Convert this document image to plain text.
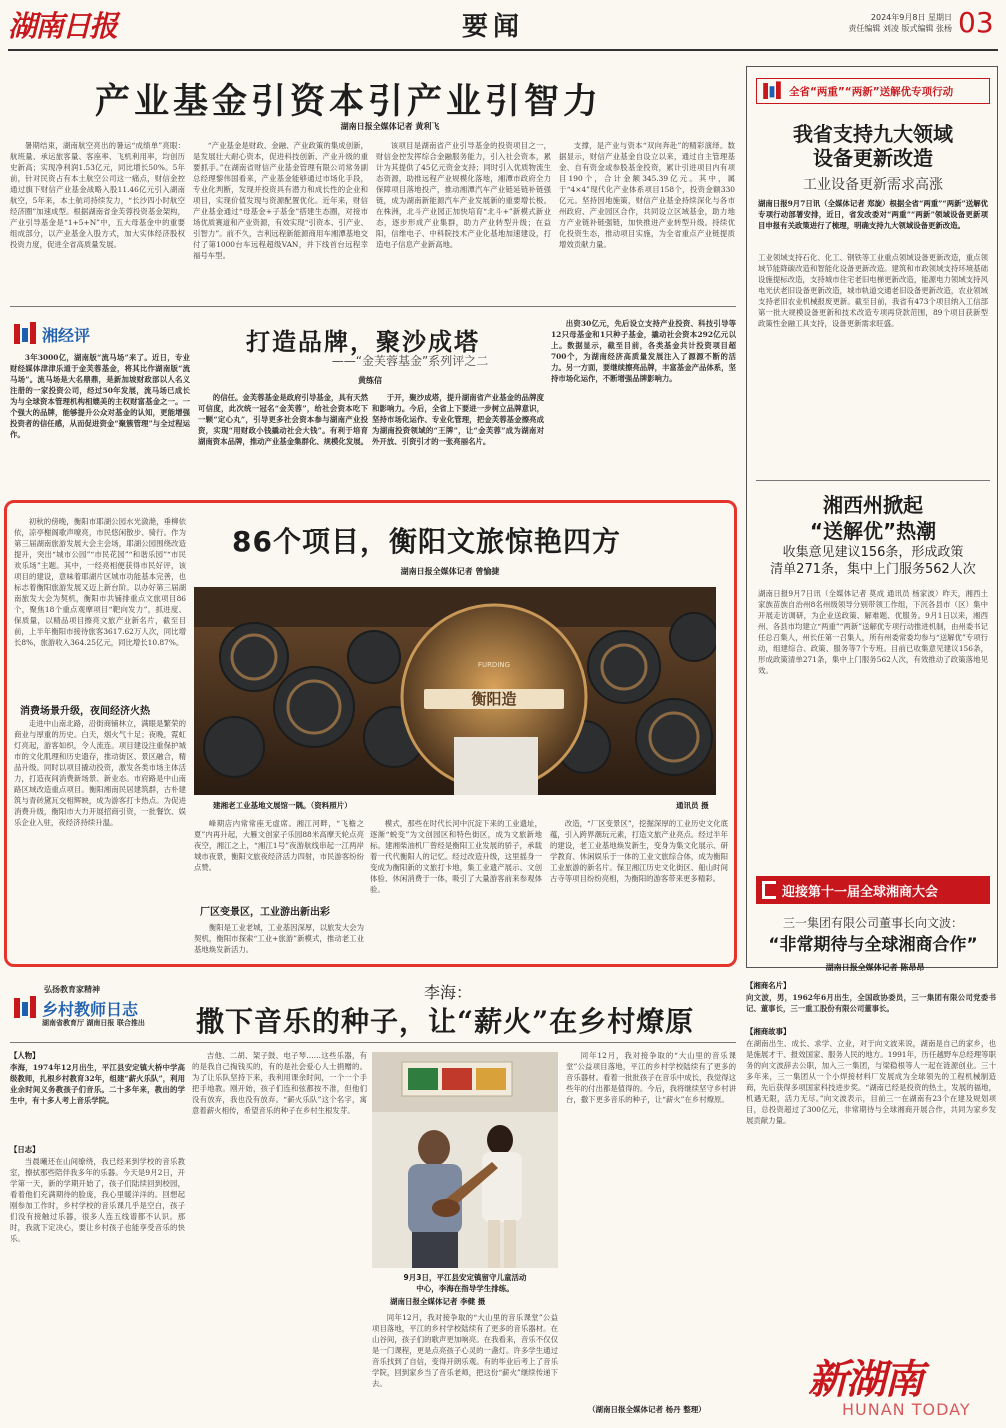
湖南日报	要闻	2024年9月8日 星期日
责任编辑 刘凌 版式编辑 张杨 03
产业基金引资本引产业引智力
湖南日报全媒体记者 黄利飞
暑期结束，湖南航空亮出的暑运“成绩单”亮眼：航班量、承运旅客量、客座率、飞机利用率，均创历史新高；实现净利润1.53亿元，同比增长50%。5年前，针对民资占有本土航空公司这一痛点，财信金控通过旗下财信产业基金战略入股11.46亿元引入湖南航空，5年来，本土航司持续发力，“长沙四小时航空经济圈”加速成型。根据湖南省金芙蓉投资基金架构，产业引导基金是“1+5+N”中，五大母基金中的重要组成部分，以产业基金入股方式，加大实体经济股权投资力度，促进全省高质量发展。
“产业基金是财政、金融、产业政策的集成创新，是发展壮大耐心资本，促进科技创新、产业升级的重要抓手。”在湖南省财信产业基金管理有限公司常务副总经理黎伟国看来，产业基金能够通过市场化手段，专业化判断，发现并投资具有潜力和成长性的企业和项目，实现价值发现与资源配置优化。近年来，财信产业基金通过“母基金+子基金”搭建生态圈，对接市场优质赛道和产业资源，有效实现“引资本、引产业、引智力”。前不久，吉利远程新能源商用车湘潭基地交付了第1000台车远程超级VAN，并下线首台远程幸福号车型。
该项目是湖南省产业引导基金的投资项目之一，财信金控发挥综合金融服务能力，引入社会资本，累计为其提供了45亿元资金支持；同时引入优质物流生态资源，助推远程产业规模化落地，湘潭市政府全力保障项目落地投产，推动湘潭汽车产业链延链补链强链，成为湖南新能源汽车产业发展新的重要增长极。在株洲，北斗产业园正加快培育“北斗+”新模式新业态，逐步形成产业集群，助力产业转型升级；在益阳，信维电子、中科院技术产业化基地加速建设，打造电子信息产业新高地。
支撑，是产业与资本“双向奔赴”的精彩演绎。数据显示，财信产业基金自设立以来，通过自主管理基金、自有资金或参股基金投资，累计引进项目内有项目190个，合计金额345.39亿元。其中，属于“4×4”现代化产业体系项目158个，投资金额330亿元。坚持因地施策，财信产业基金持续深化与各市州政府、产业园区合作，共同设立区域基金，助力地方产业链补链强链，加快推进产业转型升级。持续优化投资生态，推动项目实施，为全省重点产业链提质增效贡献力量。
湘经评	打造品牌，聚沙成塔
——“金芙蓉基金”系列评之二
黄练信
3年3000亿，湖南版“流马场”来了。近日，专业财经媒体津津乐道于金芙蓉基金，将其比作湖南版“流马场”。流马场是大名鼎鼎，是新加坡财政部以人名义注册的一家投资公司，经过50年发展，流马场已成长为与全球资本管理机构相媲美的主权财富基金之一。一个强大的品牌，能够提升公众对基金的认知，更能增强投资者的信任感，从而促进资金“聚簇管理”与全过程运作。
的信任。金芙蓉基金是政府引导基金，具有天然可信度，此次统一冠名“金芙蓉”，给社会资本吃下一颗“定心丸”，引导更多社会资本参与湖南产业投资，实现“用财政小钱撬动社会大钱”。有利于培育湖南资本品牌，推动产业基金集群化、规模化发展。
于开，聚沙成塔，提升湖南省产业基金的品牌度和影响力。今后，全省上下要进一步树立品牌意识，坚持市场化运作、专业化管理，把金芙蓉基金擦亮成为湖南投资领域的“王牌”，让“金芙蓉”成为湖南对外开放、引资引才的一张亮丽名片。
出资30亿元，先后设立支持产业投资、科技引导等12只母基金和1只种子基金，撬动社会资本292亿元以上。数据显示，截至目前，各类基金共计投资项目超700个，为湖南经济高质量发展注入了源源不断的活力。另一方面，要继续擦亮品牌，丰富基金产品体系，坚持市场化运作，不断增强品牌影响力。
初秋的傍晚，衡阳市耶湖公园水光潋滟，垂柳依依，凉亭榭阁歌声嘹亮，市民悠闲散步、骑行。作为第三届湖南旅游发展大会主会场，耶湖公园围绕改造提升，突出“城市公园”“市民花园”“和谐乐园”“市民欢乐场”主题。其中，一经亮相便获得市民好评，该项目的建设，意味着耶湖片区城市功能基本完善，也标志着衡阳旅游发展又迈上新台阶。以办好第三届湖南旅发大会为契机，衡阳市共铺排重点文旅项目86个，聚焦18个重点观摩项目“靶向发力”，抓进度、保质量，以精品项目擦亮文旅产业新名片，截至目前，上半年衡阳市接待旅客3617.62万人次，同比增长8%，旅游收入364.25亿元，同比增长10.87%。
86个项目，衡阳文旅惊艳四方
湖南日报全媒体记者 曾愉捷
消费场景升级，夜间经济火热
走进中山南北路，沿街商铺林立，满眼是繁荣的商业与厚重的历史。白天，烟火气十足；夜晚，霓虹灯亮起，游客如织，令人流连。项目建设注重保护城市的文化肌理和历史遗存，推动街区、景区融合，精品升级。同时以项目撬动投资，激发各类市场主体活力，打造夜间消费新场景、新业态。市府路是中山南路区域改造重点项目。衡阳湘南民居建筑群，古朴建筑与青砖黛瓦交相辉映，成为游客打卡热点。为促进消费升级，衡阳市大力开展招商引资，一批餐饮、娱乐企业入驻，夜经济持续升温。
FURDING
衡阳造
建湘老工业基地文展馆一隅。（资料照片）	通讯员 摄
峰期店内常常座无虚席。湘江河畔，“飞檐之夏”内再升起，大雁文创家子乐园88米高摩天轮点亮夜空，湘江之上，“湘江1号”夜游航线串起一江两岸城市夜景，衡阳文旅夜经济活力四射，市民游客纷纷点赞。
厂区变景区，工业游出新出彩
衡阳是工业老城，工业基因深厚，以旅发大会为契机，衡阳市探索“工业+旅游”新模式，推动老工业基地焕发新活力。
模式，那些在时代长河中沉淀下来的工业遗址，逐渐“蜕变”为文创园区和特色街区，成为文旅新地标。建湘柴油机厂曾经是衡阳工业发展的骄子，承载着一代代衡阳人的记忆。经过改造升级，这里摇身一变成为衡阳新的文旅打卡地，集工业遗产展示、文创体验、休闲消费于一体，吸引了大量游客前来参观体验。
改造，“厂区变景区”，挖掘深厚的工业历史文化底蕴，引入跨界潮玩元素，打造文旅产业亮点。经过半年的建设，老工业基地焕发新生，变身为集文化展示、研学教育、休闲娱乐于一体的工业文旅综合体，成为衡阳工业旅游的新名片。保卫湘江历史文化街区、船山时间古寺等项目纷纷亮相，为衡阳的游客带来更多精彩。
全省“两重”“两新”送解优专项行动
我省支持九大领域
设备更新改造
工业设备更新需求高涨
湖南日报9月7日讯（全媒体记者 郑旋）根据全省“两重”“两新”送解优专项行动部署安排，近日，省发改委对“两重”“两新”领域设备更新项目申报有关政策进行了梳理，明确支持九大领域设备更新改造。
工业领域支持石化、化工、钢铁等工业重点领域设备更新改造，重点领域节能降碳改造和智能化设备更新改造。建筑和市政领域支持环境基础设施提标改造，支持城市住宅老旧电梯更新改造，能源电力领域支持风电光伏老旧设备更新改造，城市轨道交通老旧设备更新改造，农业领域支持老旧农业机械报废更新。截至目前，我省有473个项目纳入工信部第一批大规模设备更新和技术改造专项再贷款范围，89个项目获新型政策性金融工具支持，设备更新需求旺盛。
湘西州掀起
“送解优”热潮
收集意见建议156条，形成政策
清单271条，集中上门服务562人次
湖南日报9月7日讯（全媒体记者 莫成 通讯员 杨家波）昨天，湘西土家族苗族自治州8名州级领导分别带领工作组，下沉各县市（区）集中开展走访调研，为企业送政策、解难题、优服务。9月1日以来，湘西州、各县市均建立“两重”“两新”送解优专项行动推进机制，由州委书记任总召集人，州长任第一召集人，所有州委常委均参与“送解优”专项行动，组建综合、政策、服务等7个专班。目前已收集意见建议156条，形成政策清单271条，集中上门服务562人次，有效推动了政策落地见效。
迎接第十一届全球湘商大会
三一集团有限公司董事长向文波：
“非常期待与全球湘商合作”
湖南日报全媒体记者 陈昂昂
【湘商名片】
向文波，男，1962年6月出生，全国政协委员，三一集团有限公司党委书记、董事长，三一重工股份有限公司董事长。
【湘商故事】
在湖南出生、成长、求学、立业，对于向文波来说，湖南是自己的家乡，也是施展才干、报效国家、服务人民的地方。1991年，历任越野车总经理等职务的向文波辞去公职，加入三一集团，与梁稳根等人一起在涟源创业。三十多年来，三一集团从一个小焊接材料厂发展成为全球领先的工程机械制造商，先后获得多项国家科技进步奖。“湖南已经是投资的热土，发展的福地，机遇无限，活力无尽。”向文波表示，目前三一在湖南有23个在建及规划项目，总投资超过了300亿元，非常期待与全球湘商开展合作，共同为家乡发展贡献力量。
弘扬教育家精神
乡村教师日志
湖南省教育厅 湖南日报 联合推出
李海：
撒下音乐的种子，让“薪火”在乡村燎原
【人物】
李海，1974年12月出生，平江县安定镇大桥中学高级教师，扎根乡村教育32年，组建“薪火乐队”，利用业余时间义务教孩子们音乐。二十多年来，教出的学生中，有十多人考上音乐学院。
【日志】
当晨曦还在山间缭绕，我已经来到学校的音乐教室，擦拭那些陪伴我多年的乐器。今天是9月2日，开学第一天，新的学期开始了，孩子们陆续回到校园，看着他们充满期待的脸庞，我心里暖洋洋的。回想起刚参加工作时，乡村学校的音乐课几乎是空白，孩子们没有接触过乐器，很多人连五线谱都不认识。那时，我就下定决心，要让乡村孩子也能享受音乐的快乐。
吉他、二胡、架子鼓、电子琴……这些乐器，有的是我自己掏钱买的，有的是社会爱心人士捐赠的。为了让乐队坚持下来，我利用课余时间，一个一个手把手地教。刚开始，孩子们连和弦都按不准，但他们没有放弃，我也没有放弃。“薪火乐队”这个名字，寓意着薪火相传，希望音乐的种子在乡村生根发芽。
9月3日，平江县安定镇留守儿童活动
中心，李海在指导学生排练。
湖南日报全媒体记者 李健 摄
同年12月，我对接争取的“大山里的音乐课堂”公益项目落地，平江的乡村学校陆续有了更多的音乐器材。在山谷间，孩子们的歌声更加响亮。在我看来，音乐不仅仅是一门课程，更是点亮孩子心灵的一盏灯。许多学生通过音乐找到了自信，变得开朗乐观。有的毕业后考上了音乐学院，回到家乡当了音乐老师，把这份“薪火”继续传递下去。
同年12月，我对接争取的“大山里的音乐课堂”公益项目落地，平江的乡村学校陆续有了更多的音乐器材。看着一批批孩子在音乐中成长，我觉得这些年的付出都是值得的。今后，我将继续坚守乡村讲台，撒下更多音乐的种子，让“薪火”在乡村燎原。
（湖南日报全媒体记者 杨丹 整理）
新湖南
HUNAN TODAY
